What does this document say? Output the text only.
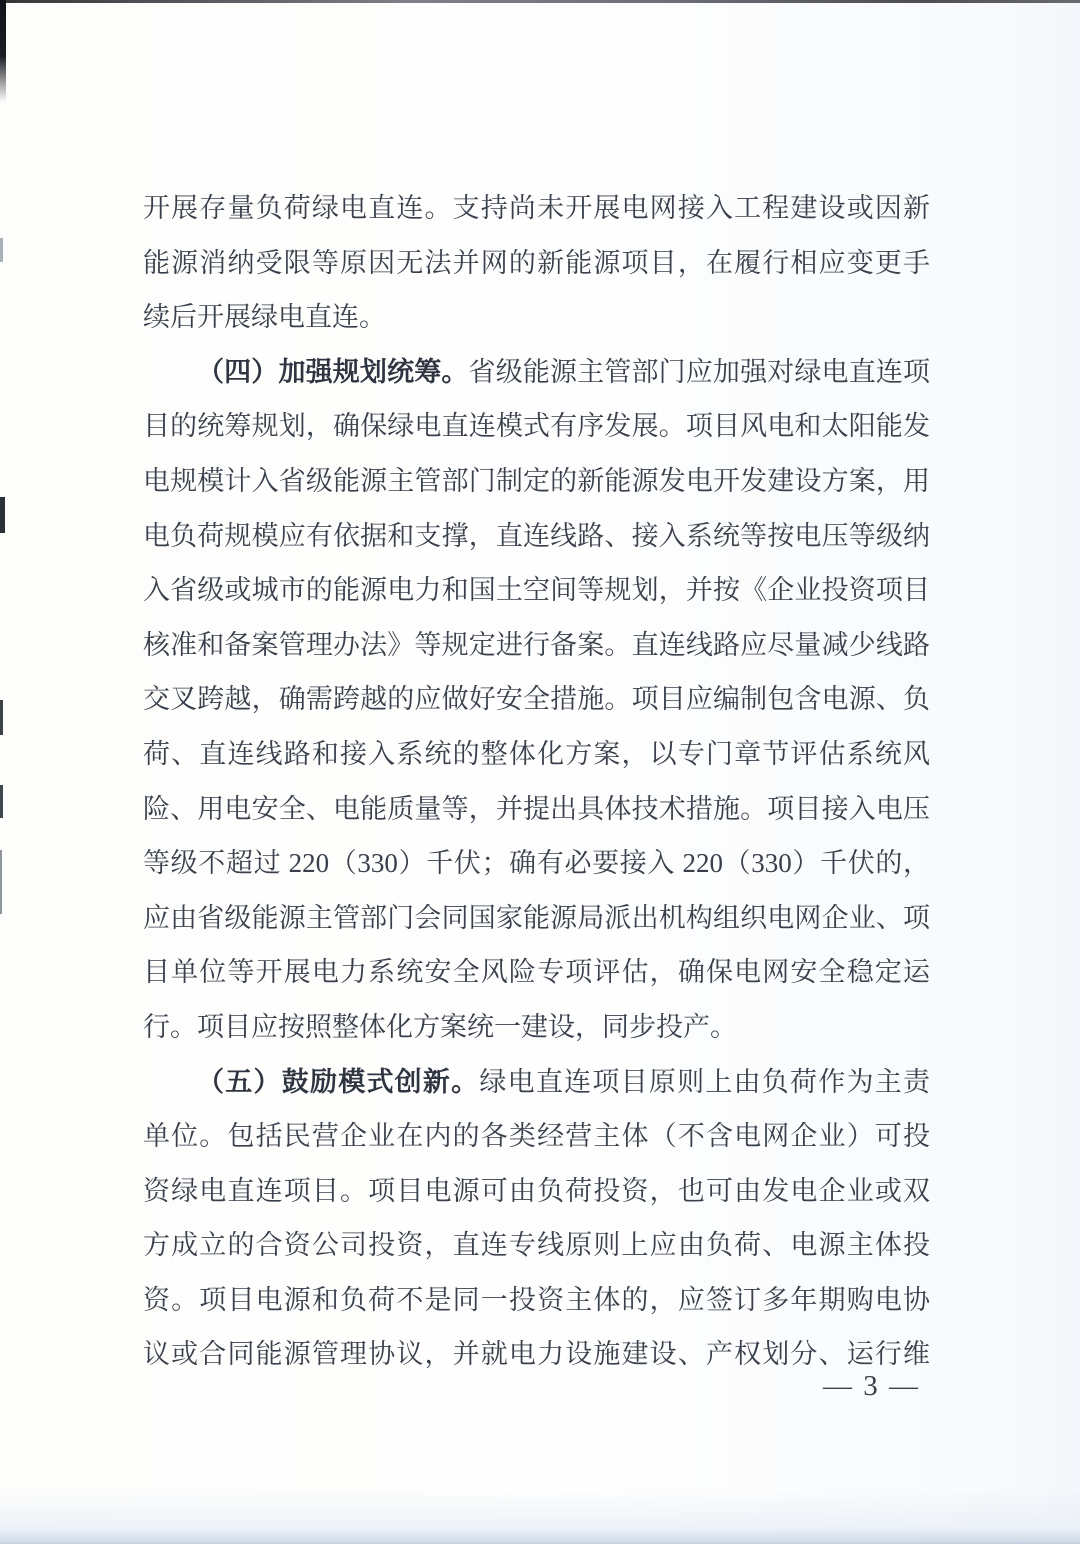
开展存量负荷绿电直连。支持尚未开展电网接入工程建设或因新
能源消纳受限等原因无法并网的新能源项目，在履行相应变更手
续后开展绿电直连。
（四）加强规划统筹。省级能源主管部门应加强对绿电直连项
目的统筹规划，确保绿电直连模式有序发展。项目风电和太阳能发
电规模计入省级能源主管部门制定的新能源发电开发建设方案，用
电负荷规模应有依据和支撑，直连线路、接入系统等按电压等级纳
入省级或城市的能源电力和国土空间等规划，并按《企业投资项目
核准和备案管理办法》等规定进行备案。直连线路应尽量减少线路
交叉跨越，确需跨越的应做好安全措施。项目应编制包含电源、负
荷、直连线路和接入系统的整体化方案，以专门章节评估系统风
险、用电安全、电能质量等，并提出具体技术措施。项目接入电压
等级不超过 220（330）千伏；确有必要接入 220（330）千伏的，
应由省级能源主管部门会同国家能源局派出机构组织电网企业、项
目单位等开展电力系统安全风险专项评估，确保电网安全稳定运
行。项目应按照整体化方案统一建设，同步投产。
（五）鼓励模式创新。绿电直连项目原则上由负荷作为主责
单位。包括民营企业在内的各类经营主体（不含电网企业）可投
资绿电直连项目。项目电源可由负荷投资，也可由发电企业或双
方成立的合资公司投资，直连专线原则上应由负荷、电源主体投
资。项目电源和负荷不是同一投资主体的，应签订多年期购电协
议或合同能源管理协议，并就电力设施建设、产权划分、运行维
— 3 —
